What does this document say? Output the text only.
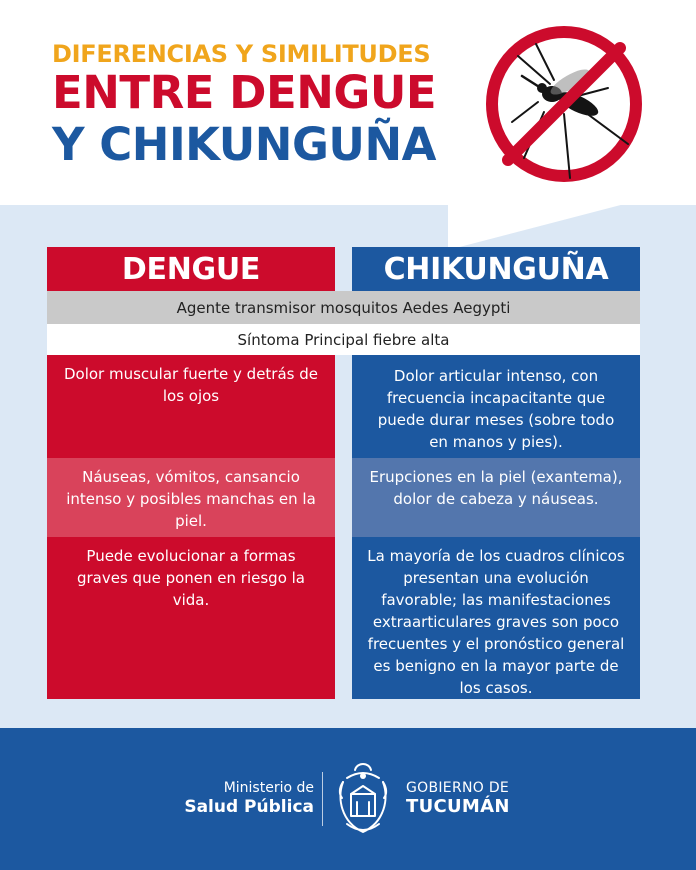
DIFERENCIAS Y SIMILITUDES
ENTRE DENGUE
Y CHIKUNGUÑA
DENGUE	CHIKUNGUÑA
Agente transmisor mosquitos Aedes Aegypti
Síntoma Principal fiebre alta
Dolor muscular fuerte y detrás de los ojos
Náuseas, vómitos, cansancio intenso y posibles manchas en la piel.
Puede evolucionar a formas graves que ponen en riesgo la vida.
Dolor articular intenso, con frecuencia incapacitante que puede durar meses (sobre todo en manos y pies).
Erupciones en la piel (exantema), dolor de cabeza y náuseas.
La mayoría de los cuadros clínicos presentan una evolución favorable; las manifestaciones extraarticulares graves son poco frecuentes y el pronóstico general es benigno en la mayor parte de los casos.
Ministerio de
Salud Pública
GOBIERNO DE
TUCUMÁN
